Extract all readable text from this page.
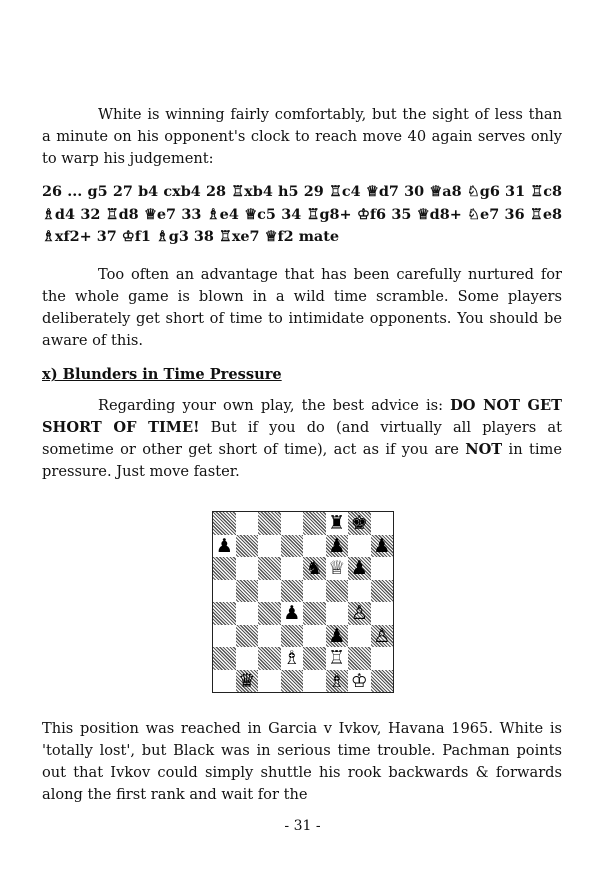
White is winning fairly comfortably, but the sight of less than a minute on his opponent's clock to reach move 40 again serves only to warp his judgement:

26 ... g5 27 b4 cxb4 28 ♖xb4 h5 29 ♖c4 ♕d7 30 ♕a8 ♘g6 31 ♖c8 ♗d4 32 ♖d8 ♕e7 33 ♗e4 ♕c5 34 ♖g8+ ♔f6 35 ♕d8+ ♘e7 36 ♖e8 ♗xf2+ 37 ♔f1 ♗g3 38 ♖xe7 ♕f2 mate

Too often an advantage that has been carefully nurtured for the whole game is blown in a wild time scramble. Some players deliberately get short of time to intimidate opponents. You should be aware of this.

x) Blunders in Time Pressure

Regarding your own play, the best advice is: DO NOT GET SHORT OF TIME! But if you do (and virtually all players at sometime or other get short of time), act as if you are NOT in time pressure. Just move faster.

♜ ♚
♟	♟ ♟
♞ ♕ ♟
♙
♟
♟ ♙
♗ ♖
♛	♗ ♔

This position was reached in Garcia v Ivkov, Havana 1965. White is 'totally lost', but Black was in serious time trouble. Pachman points out that Ivkov could simply shuttle his rook backwards & forwards along the first rank and wait for the

- 31 -
